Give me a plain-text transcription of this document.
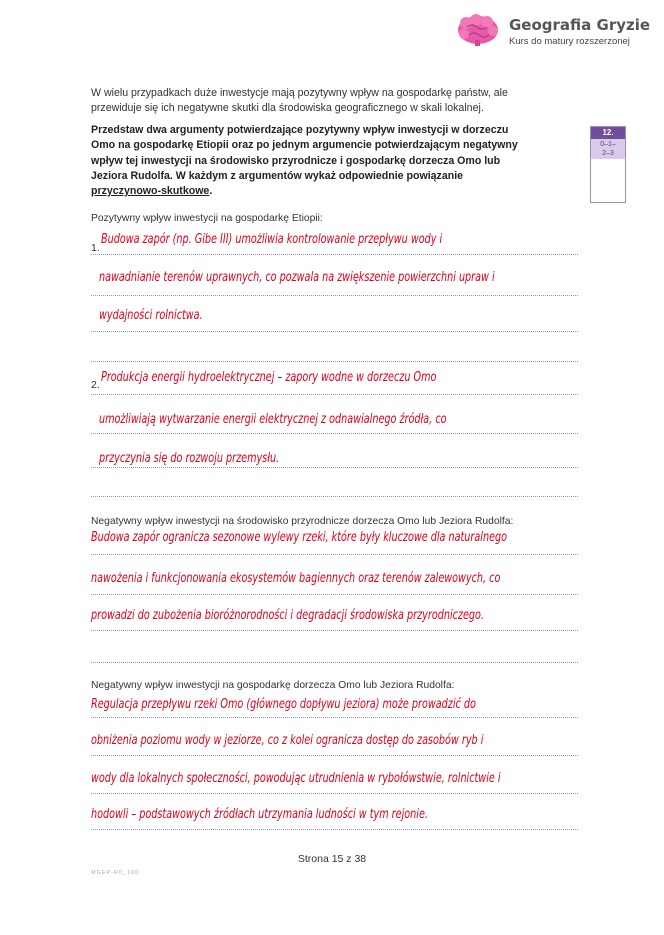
Geografia Gryzie
Kurs do matury rozszerzonej
W wielu przypadkach duże inwestycje mają pozytywny wpływ na gospodarkę państw, ale
przewiduje się ich negatywne skutki dla środowiska geograficznego w skali lokalnej.
Przedstaw dwa argumenty potwierdzające pozytywny wpływ inwestycji w dorzeczu
Omo na gospodarkę Etiopii oraz po jednym argumencie potwierdzającym negatywny
wpływ tej inwestycji na środowisko przyrodnicze i gospodarkę dorzecza Omo lub
Jeziora Rudolfa. W każdym z argumentów wykaż odpowiednie powiązanie
przyczynowo-skutkowe.
12.
0–1–
2–3
Pozytywny wpływ inwestycji na gospodarkę Etiopii:
1.
Budowa zapór (np. Gibe III) umożliwia kontrolowanie przepływu wody i
nawadnianie terenów uprawnych, co pozwala na zwiększenie powierzchni upraw i
wydajności rolnictwa.
2. Produkcja energii hydroelektrycznej – zapory wodne w dorzeczu Omo
umożliwiają wytwarzanie energii elektrycznej z odnawialnego źródła, co
przyczynia się do rozwoju przemysłu.
Negatywny wpływ inwestycji na środowisko przyrodnicze dorzecza Omo lub Jeziora Rudolfa:
Budowa zapór ogranicza sezonowe wylewy rzeki, które były kluczowe dla naturalnego
nawożenia i funkcjonowania ekosystemów bagiennych oraz terenów zalewowych, co
prowadzi do zubożenia bioróżnorodności i degradacji środowiska przyrodniczego.
Negatywny wpływ inwestycji na gospodarkę dorzecza Omo lub Jeziora Rudolfa:
Regulacja przepływu rzeki Omo (głównego dopływu jeziora) może prowadzić do
obniżenia poziomu wody w jeziorze, co z kolei ogranicza dostęp do zasobów ryb i
wody dla lokalnych społeczności, powodując utrudnienia w rybołówstwie, rolnictwie i
hodowli – podstawowych źródłach utrzymania ludności w tym rejonie.
Strona 15 z 38
MGEP-R0_100
